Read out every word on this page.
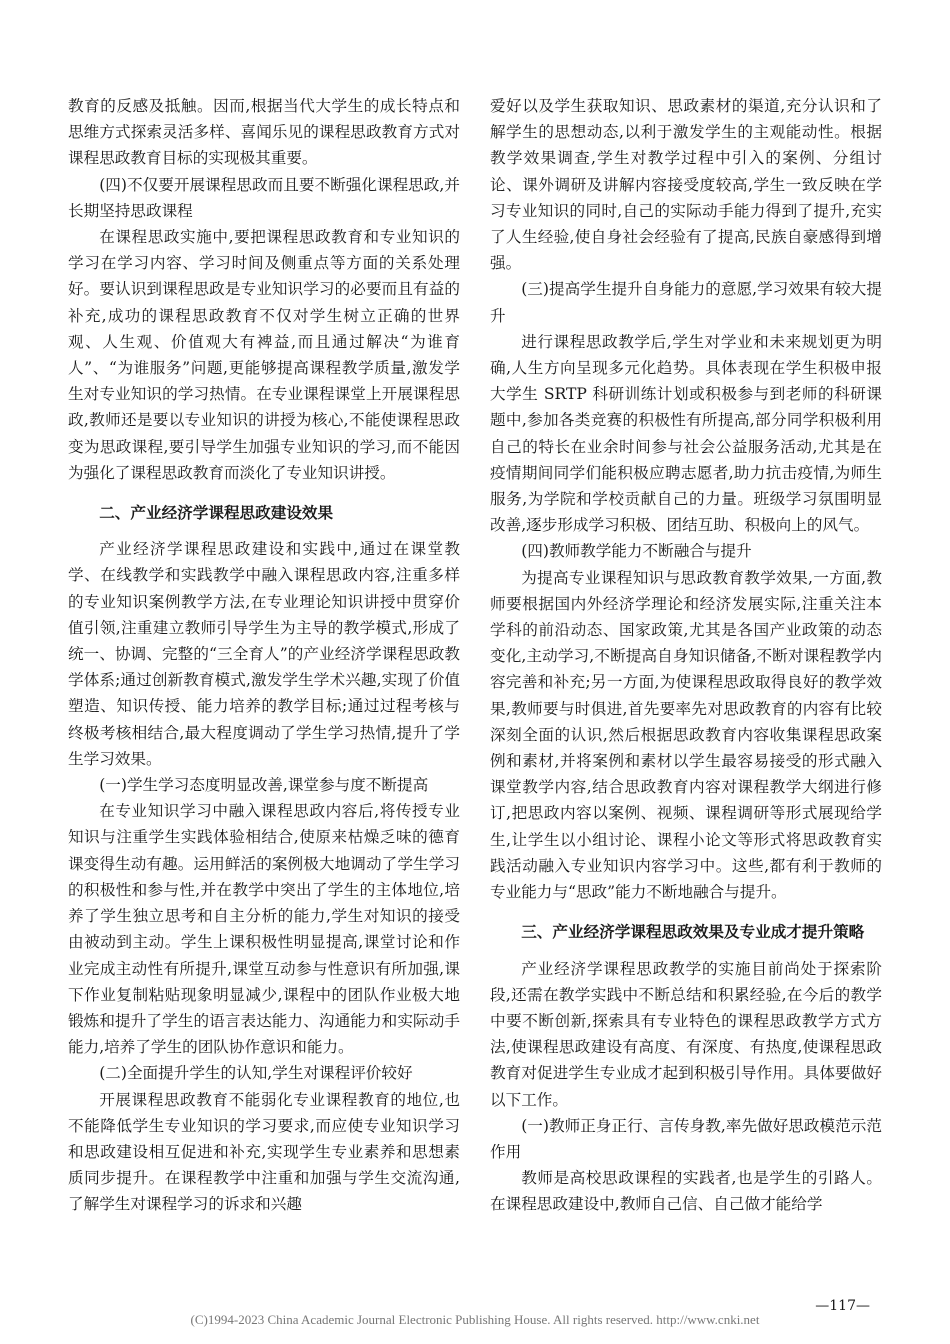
教育的反感及抵触。因而,根据当代大学生的成长特点和思维方式探索灵活多样、喜闻乐见的课程思政教育方式对课程思政教育目标的实现极其重要。

(四)不仅要开展课程思政而且要不断强化课程思政,并长期坚持思政课程

在课程思政实施中,要把课程思政教育和专业知识的学习在学习内容、学习时间及侧重点等方面的关系处理好。要认识到课程思政是专业知识学习的必要而且有益的补充,成功的课程思政教育不仅对学生树立正确的世界观、人生观、价值观大有裨益,而且通过解决“为谁育人”、“为谁服务”问题,更能够提高课程教学质量,激发学生对专业知识的学习热情。在专业课程课堂上开展课程思政,教师还是要以专业知识的讲授为核心,不能使课程思政变为思政课程,要引导学生加强专业知识的学习,而不能因为强化了课程思政教育而淡化了专业知识讲授。

二、产业经济学课程思政建设效果

产业经济学课程思政建设和实践中,通过在课堂教学、在线教学和实践教学中融入课程思政内容,注重多样的专业知识案例教学方法,在专业理论知识讲授中贯穿价值引领,注重建立教师引导学生为主导的教学模式,形成了统一、协调、完整的“三全育人”的产业经济学课程思政教学体系;通过创新教育模式,激发学生学术兴趣,实现了价值塑造、知识传授、能力培养的教学目标;通过过程考核与终极考核相结合,最大程度调动了学生学习热情,提升了学生学习效果。

(一)学生学习态度明显改善,课堂参与度不断提高

在专业知识学习中融入课程思政内容后,将传授专业知识与注重学生实践体验相结合,使原来枯燥乏味的德育课变得生动有趣。运用鲜活的案例极大地调动了学生学习的积极性和参与性,并在教学中突出了学生的主体地位,培养了学生独立思考和自主分析的能力,学生对知识的接受由被动到主动。学生上课积极性明显提高,课堂讨论和作业完成主动性有所提升,课堂互动参与性意识有所加强,课下作业复制粘贴现象明显减少,课程中的团队作业极大地锻炼和提升了学生的语言表达能力、沟通能力和实际动手能力,培养了学生的团队协作意识和能力。

(二)全面提升学生的认知,学生对课程评价较好

开展课程思政教育不能弱化专业课程教育的地位,也不能降低学生专业知识的学习要求,而应使专业知识学习和思政建设相互促进和补充,实现学生专业素养和思想素质同步提升。在课程教学中注重和加强与学生交流沟通,了解学生对课程学习的诉求和兴趣

爱好以及学生获取知识、思政素材的渠道,充分认识和了解学生的思想动态,以利于激发学生的主观能动性。根据教学效果调查,学生对教学过程中引入的案例、分组讨论、课外调研及讲解内容接受度较高,学生一致反映在学习专业知识的同时,自己的实际动手能力得到了提升,充实了人生经验,使自身社会经验有了提高,民族自豪感得到增强。

(三)提高学生提升自身能力的意愿,学习效果有较大提升

进行课程思政教学后,学生对学业和未来规划更为明确,人生方向呈现多元化趋势。具体表现在学生积极申报大学生 SRTP 科研训练计划或积极参与到老师的科研课题中,参加各类竞赛的积极性有所提高,部分同学积极利用自己的特长在业余时间参与社会公益服务活动,尤其是在疫情期间同学们能积极应聘志愿者,助力抗击疫情,为师生服务,为学院和学校贡献自己的力量。班级学习氛围明显改善,逐步形成学习积极、团结互助、积极向上的风气。

(四)教师教学能力不断融合与提升

为提高专业课程知识与思政教育教学效果,一方面,教师要根据国内外经济学理论和经济发展实际,注重关注本学科的前沿动态、国家政策,尤其是各国产业政策的动态变化,主动学习,不断提高自身知识储备,不断对课程教学内容完善和补充;另一方面,为使课程思政取得良好的教学效果,教师要与时俱进,首先要率先对思政教育的内容有比较深刻全面的认识,然后根据思政教育内容收集课程思政案例和素材,并将案例和素材以学生最容易接受的形式融入课堂教学内容,结合思政教育内容对课程教学大纲进行修订,把思政内容以案例、视频、课程调研等形式展现给学生,让学生以小组讨论、课程小论文等形式将思政教育实践活动融入专业知识内容学习中。这些,都有利于教师的专业能力与“思政”能力不断地融合与提升。

三、产业经济学课程思政效果及专业成才提升策略

产业经济学课程思政教学的实施目前尚处于探索阶段,还需在教学实践中不断总结和积累经验,在今后的教学中要不断创新,探索具有专业特色的课程思政教学方式方法,使课程思政建设有高度、有深度、有热度,使课程思政教育对促进学生专业成才起到积极引导作用。具体要做好以下工作。

(一)教师正身正行、言传身教,率先做好思政模范示范作用

教师是高校思政课程的实践者,也是学生的引路人。在课程思政建设中,教师自己信、自己做才能给学

—117—
(C)1994-2023 China Academic Journal Electronic Publishing House. All rights reserved. http://www.cnki.net
